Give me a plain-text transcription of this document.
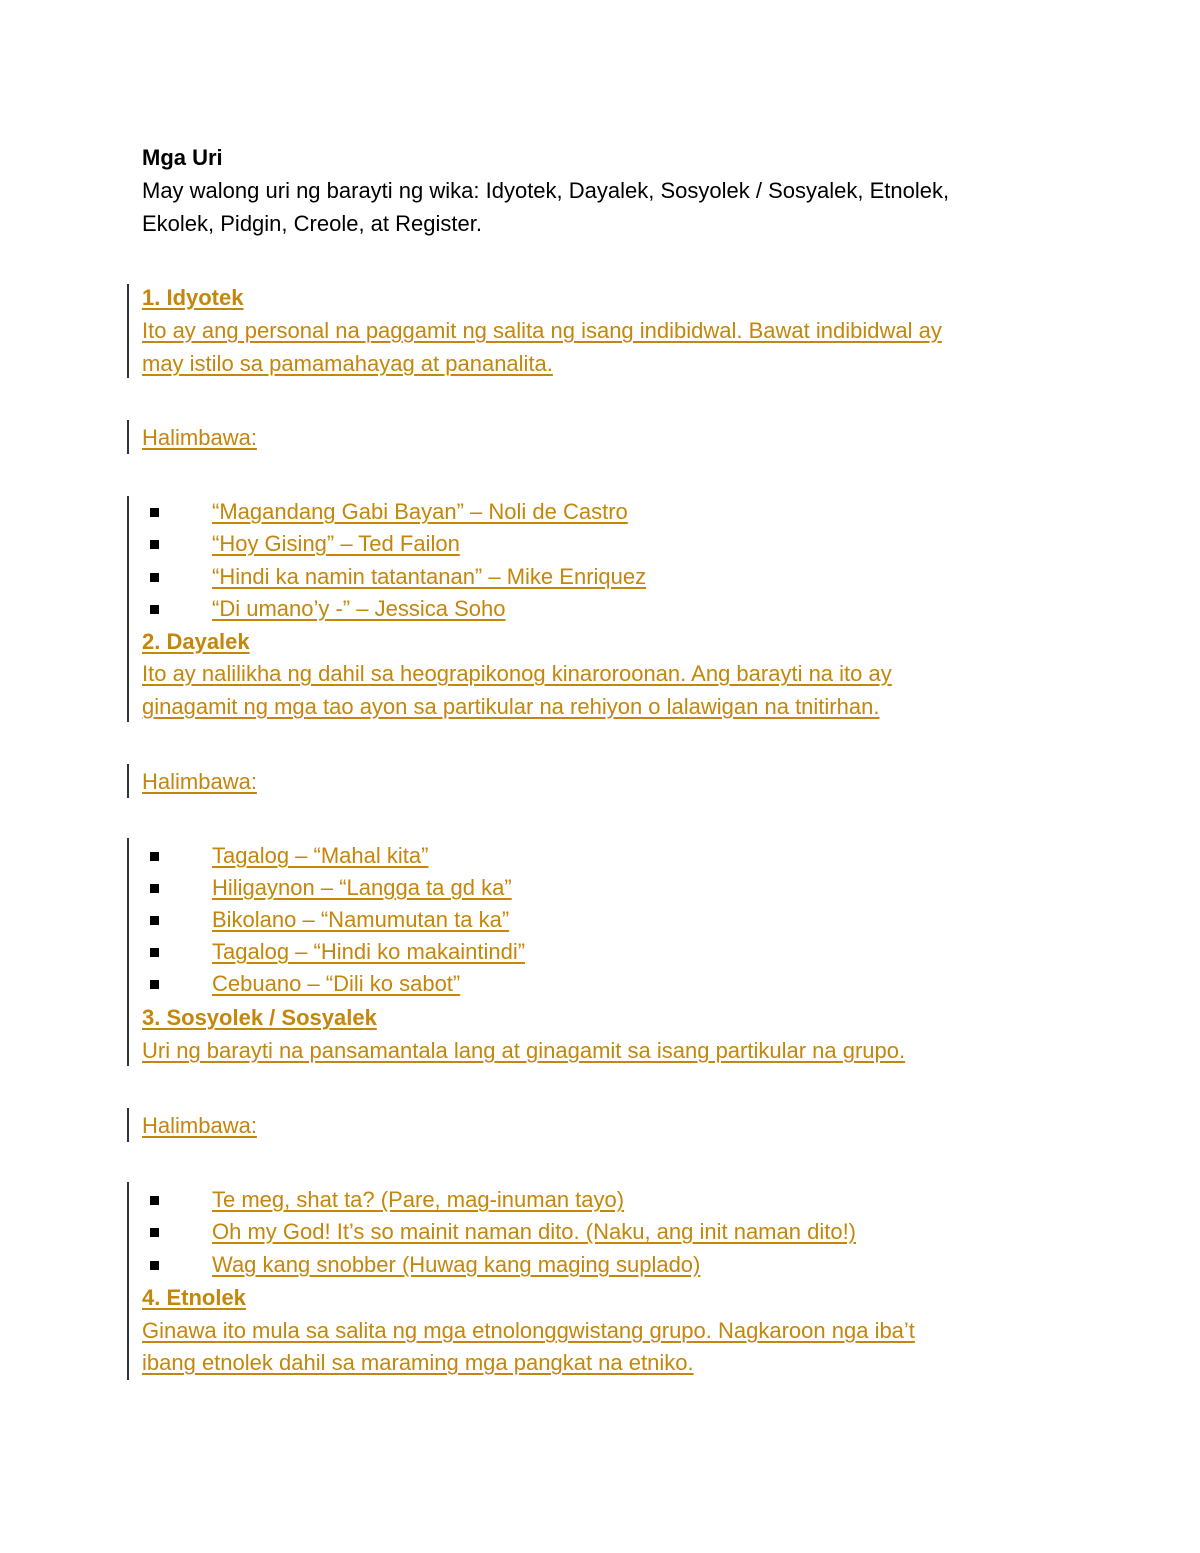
Mga Uri
May walong uri ng barayti ng wika: Idyotek, Dayalek, Sosyolek / Sosyalek, Etnolek,
Ekolek, Pidgin, Creole, at Register.
1. Idyotek
Ito ay ang personal na paggamit ng salita ng isang indibidwal. Bawat indibidwal ay
may istilo sa pamamahayag at pananalita.
Halimbawa:
“Magandang Gabi Bayan” – Noli de Castro
“Hoy Gising” – Ted Failon
“Hindi ka namin tatantanan” – Mike Enriquez
“Di umano’y -” – Jessica Soho
2. Dayalek
Ito ay nalilikha ng dahil sa heograpikonog kinaroroonan. Ang barayti na ito ay
ginagamit ng mga tao ayon sa partikular na rehiyon o lalawigan na tnitirhan.
Halimbawa:
Tagalog – “Mahal kita”
Hiligaynon – “Langga ta gd ka”
Bikolano – “Namumutan ta ka”
Tagalog – “Hindi ko makaintindi”
Cebuano – “Dili ko sabot”
3. Sosyolek / Sosyalek
Uri ng barayti na pansamantala lang at ginagamit sa isang partikular na grupo.
Halimbawa:
Te meg, shat ta? (Pare, mag-inuman tayo)
Oh my God! It’s so mainit naman dito. (Naku, ang init naman dito!)
Wag kang snobber (Huwag kang maging suplado)
4. Etnolek
Ginawa ito mula sa salita ng mga etnolonggwistang grupo. Nagkaroon nga iba’t
ibang etnolek dahil sa maraming mga pangkat na etniko.
